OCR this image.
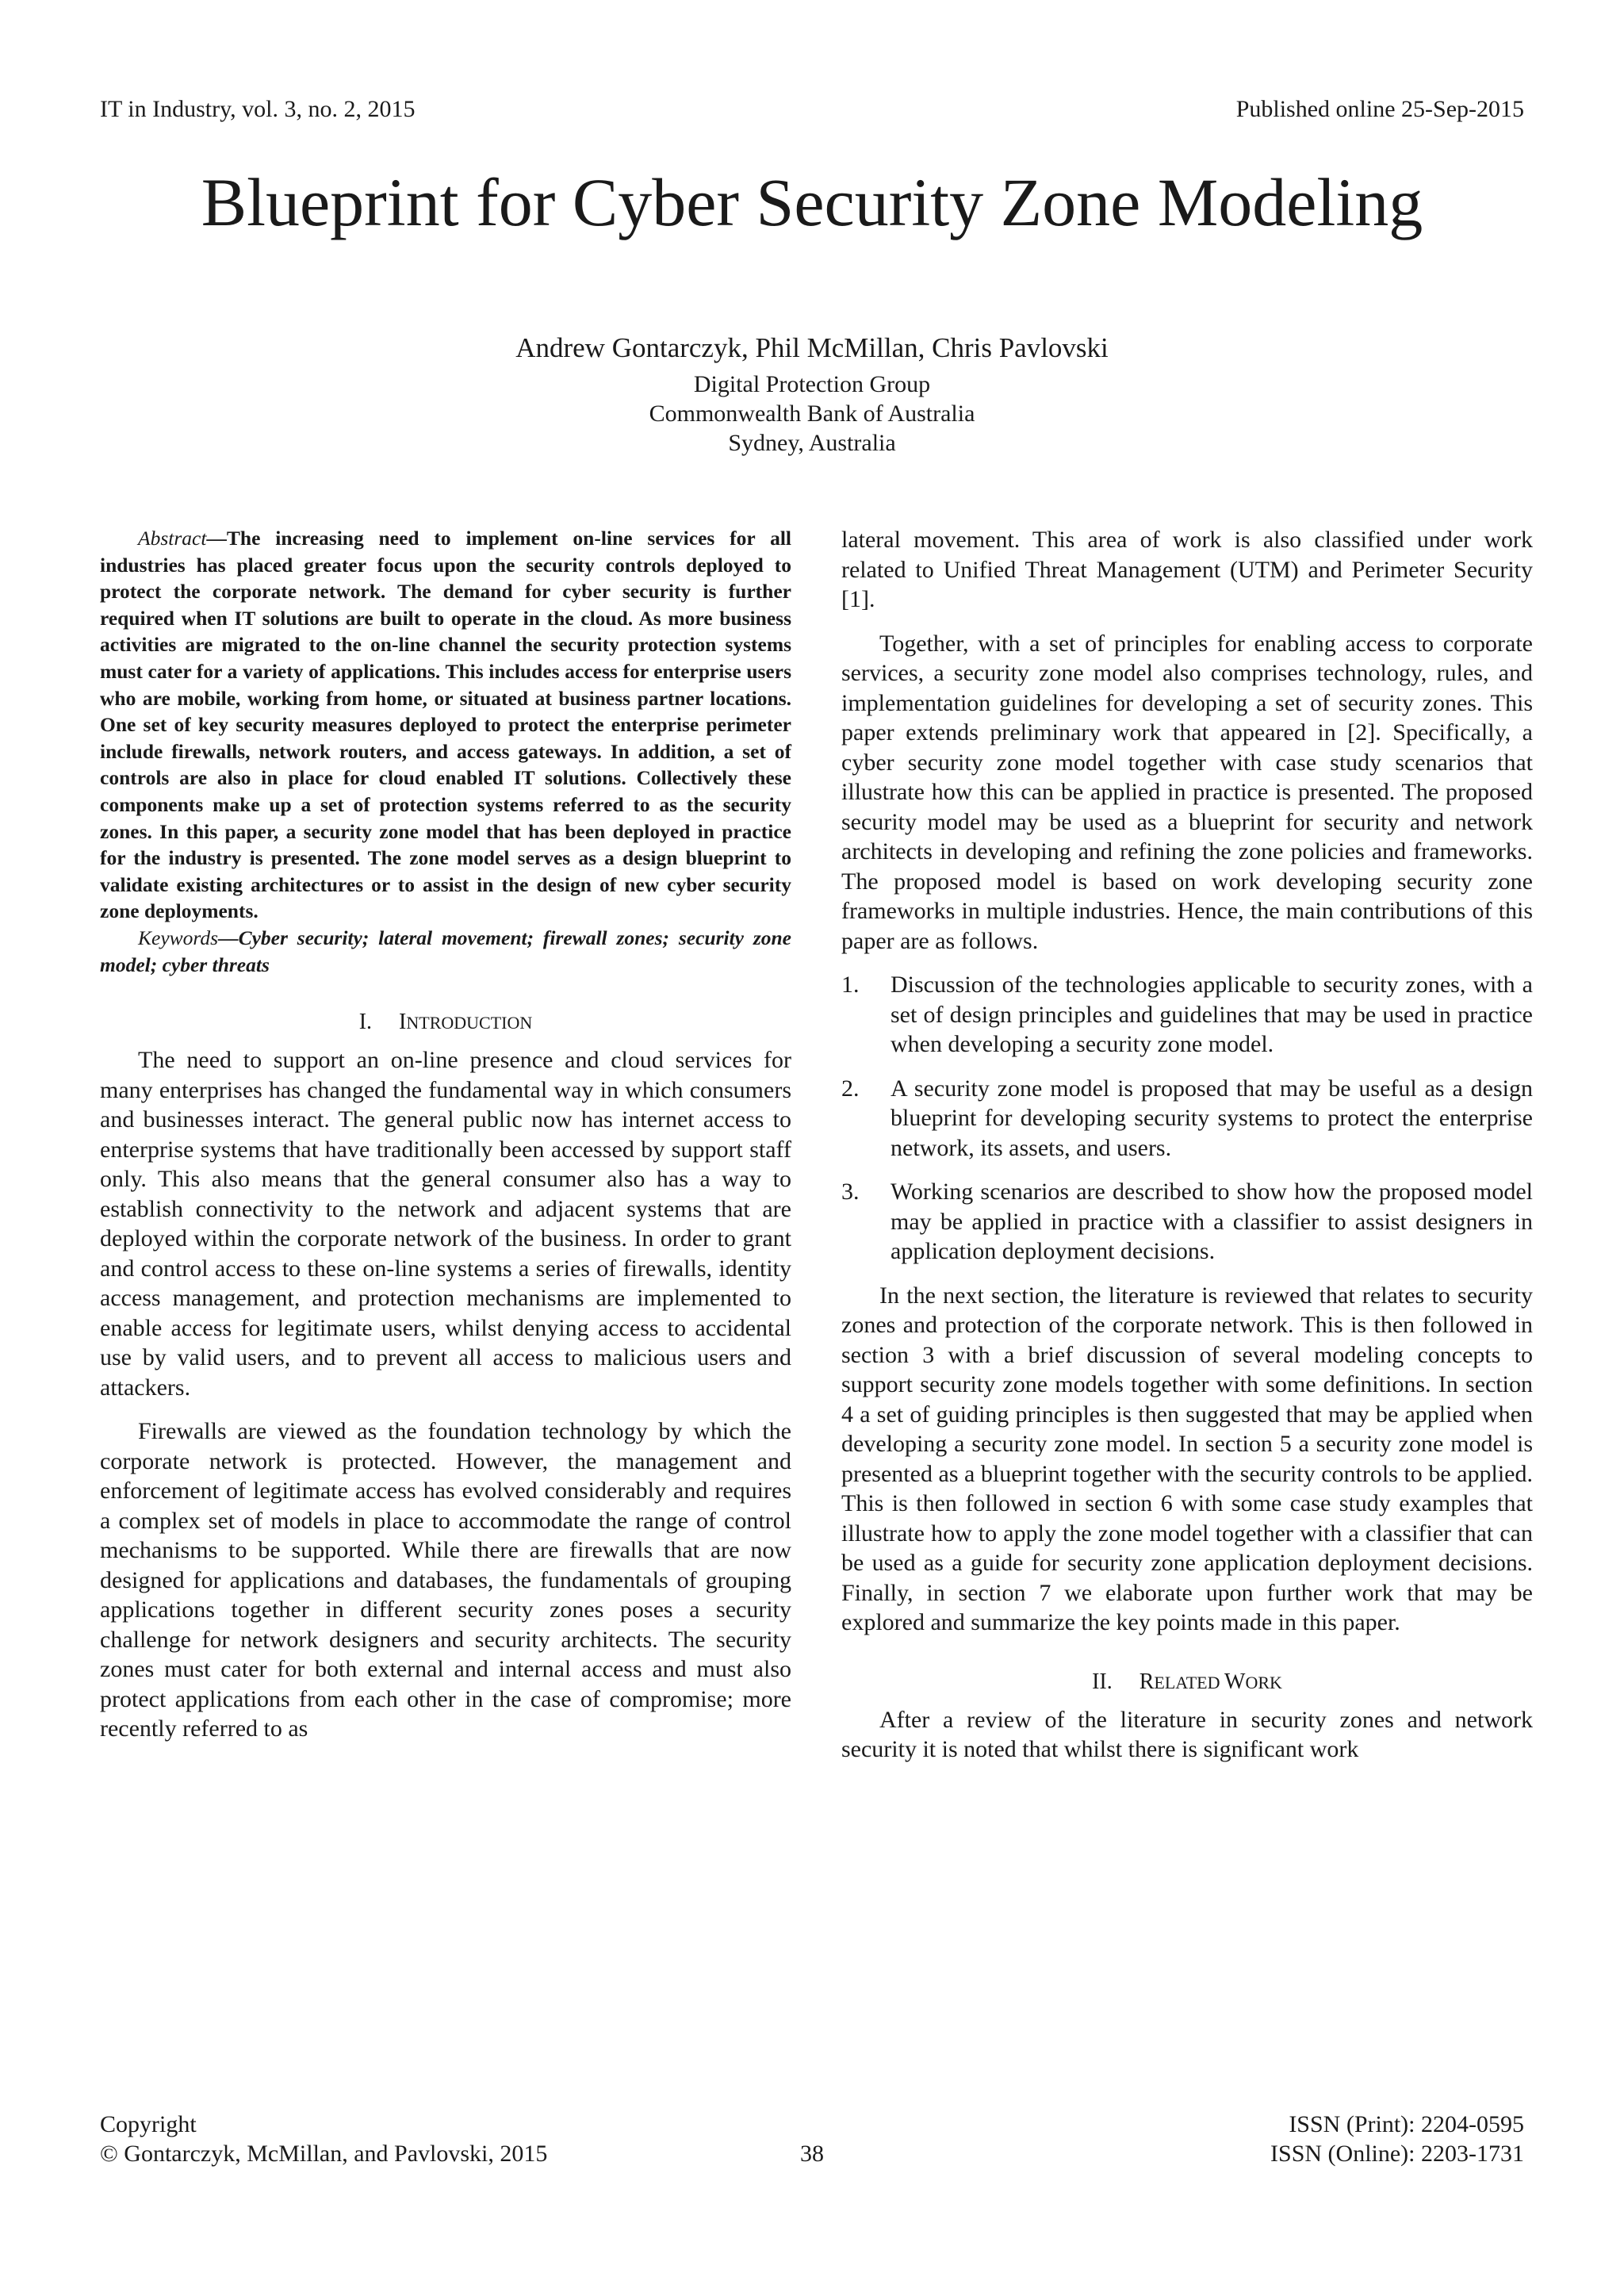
IT in Industry, vol. 3, no. 2, 2015	Published online 25-Sep-2015
Blueprint for Cyber Security Zone Modeling
Andrew Gontarczyk, Phil McMillan, Chris Pavlovski
Digital Protection Group
Commonwealth Bank of Australia
Sydney, Australia

Abstract—The increasing need to implement on-line services for all industries has placed greater focus upon the security controls deployed to protect the corporate network. The demand for cyber security is further required when IT solutions are built to operate in the cloud. As more business activities are migrated to the on-line channel the security protection systems must cater for a variety of applications. This includes access for enterprise users who are mobile, working from home, or situated at business partner locations. One set of key security measures deployed to protect the enterprise perimeter include firewalls, network routers, and access gateways. In addition, a set of controls are also in place for cloud enabled IT solutions. Collectively these components make up a set of protection systems referred to as the security zones. In this paper, a security zone model that has been deployed in practice for the industry is presented. The zone model serves as a design blueprint to validate existing architectures or to assist in the design of new cyber security zone deployments.

Keywords—Cyber security; lateral movement; firewall zones; security zone model; cyber threats

I. INTRODUCTION

The need to support an on-line presence and cloud services for many enterprises has changed the fundamental way in which consumers and businesses interact. The general public now has internet access to enterprise systems that have traditionally been accessed by support staff only. This also means that the general consumer also has a way to establish connectivity to the network and adjacent systems that are deployed within the corporate network of the business. In order to grant and control access to these on-line systems a series of firewalls, identity access management, and protection mechanisms are implemented to enable access for legitimate users, whilst denying access to accidental use by valid users, and to prevent all access to malicious users and attackers.

Firewalls are viewed as the foundation technology by which the corporate network is protected. However, the management and enforcement of legitimate access has evolved considerably and requires a complex set of models in place to accommodate the range of control mechanisms to be supported. While there are firewalls that are now designed for applications and databases, the fundamentals of grouping applications together in different security zones poses a security challenge for network designers and security architects. The security zones must cater for both external and internal access and must also protect applications from each other in the case of compromise; more recently referred to as

lateral movement. This area of work is also classified under work related to Unified Threat Management (UTM) and Perimeter Security [1].

Together, with a set of principles for enabling access to corporate services, a security zone model also comprises technology, rules, and implementation guidelines for developing a set of security zones. This paper extends preliminary work that appeared in [2]. Specifically, a cyber security zone model together with case study scenarios that illustrate how this can be applied in practice is presented. The proposed security model may be used as a blueprint for security and network architects in developing and refining the zone policies and frameworks. The proposed model is based on work developing security zone frameworks in multiple industries. Hence, the main contributions of this paper are as follows.

1. Discussion of the technologies applicable to security zones, with a set of design principles and guidelines that may be used in practice when developing a security zone model.
2. A security zone model is proposed that may be useful as a design blueprint for developing security systems to protect the enterprise network, its assets, and users.
3. Working scenarios are described to show how the proposed model may be applied in practice with a classifier to assist designers in application deployment decisions.

In the next section, the literature is reviewed that relates to security zones and protection of the corporate network. This is then followed in section 3 with a brief discussion of several modeling concepts to support security zone models together with some definitions. In section 4 a set of guiding principles is then suggested that may be applied when developing a security zone model. In section 5 a security zone model is presented as a blueprint together with the security controls to be applied. This is then followed in section 6 with some case study examples that illustrate how to apply the zone model together with a classifier that can be used as a guide for security zone application deployment decisions. Finally, in section 7 we elaborate upon further work that may be explored and summarize the key points made in this paper.

II. RELATED WORK

After a review of the literature in security zones and network security it is noted that whilst there is significant work

Copyright
© Gontarczyk, McMillan, and Pavlovski, 2015	38
ISSN (Print): 2204-0595
ISSN (Online): 2203-1731
